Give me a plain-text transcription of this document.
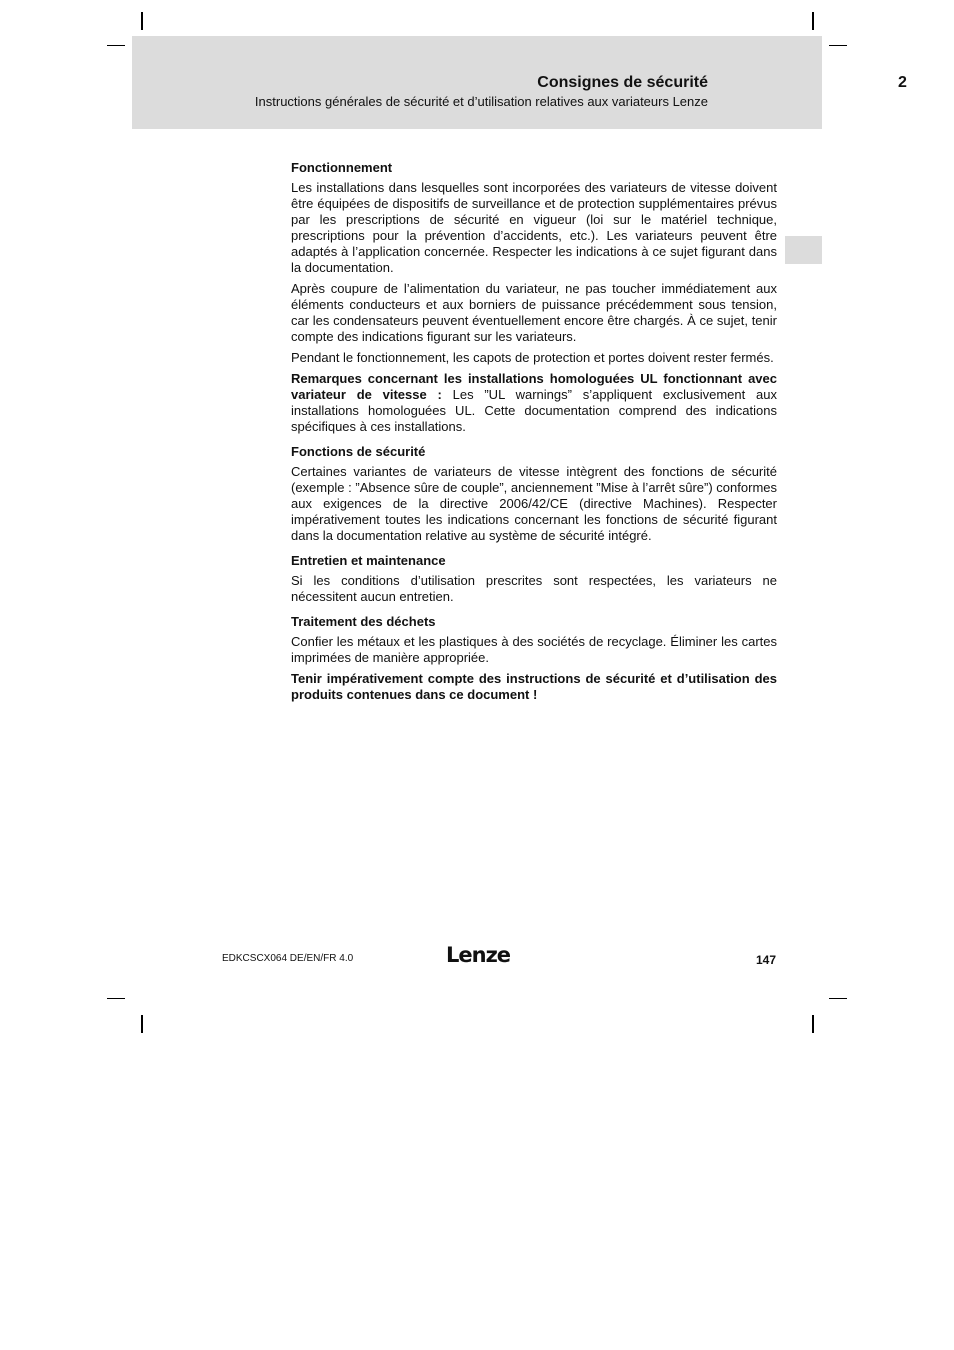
Consignes de sécurité	2
Instructions générales de sécurité et d’utilisation relatives aux variateurs Lenze
Fonctionnement

Les installations dans lesquelles sont incorporées des variateurs de vitesse doivent être équipées de dispositifs de surveillance et de protection supplémentaires prévus par les prescriptions de sécurité en vigueur (loi sur le matériel technique, prescriptions pour la prévention d’accidents, etc.). Les variateurs peuvent être adaptés à l’application concernée. Respecter les indications à ce sujet figurant dans la documentation.

Après coupure de l’alimentation du variateur, ne pas toucher immédiatement aux éléments conducteurs et aux borniers de puissance précédemment sous tension, car les condensateurs peuvent éventuellement encore être chargés. À ce sujet, tenir compte des indications figurant sur les variateurs.

Pendant le fonctionnement, les capots de protection et portes doivent rester fermés.

Remarques concernant les installations homologuées UL fonctionnant avec variateur de vitesse : Les ”UL warnings” s’appliquent exclusivement aux installations homologuées UL. Cette documentation comprend des indications spécifiques à ces installations.

Fonctions de sécurité

Certaines variantes de variateurs de vitesse intègrent des fonctions de sécurité (exemple : ”Absence sûre de couple”, anciennement ”Mise à l’arrêt sûre”) conformes aux exigences de la directive 2006/42/CE (directive Machines). Respecter impérativement toutes les indications concernant les fonctions de sécurité figurant dans la documentation relative au système de sécurité intégré.

Entretien et maintenance

Si les conditions d’utilisation prescrites sont respectées, les variateurs ne nécessitent aucun entretien.

Traitement des déchets

Confier les métaux et les plastiques à des sociétés de recyclage. Éliminer les cartes imprimées de manière appropriée.

Tenir impérativement compte des instructions de sécurité et d’utilisation des produits contenues dans ce document !

EDKCSCX064 DE/EN/FR 4.0	Lenze	147
